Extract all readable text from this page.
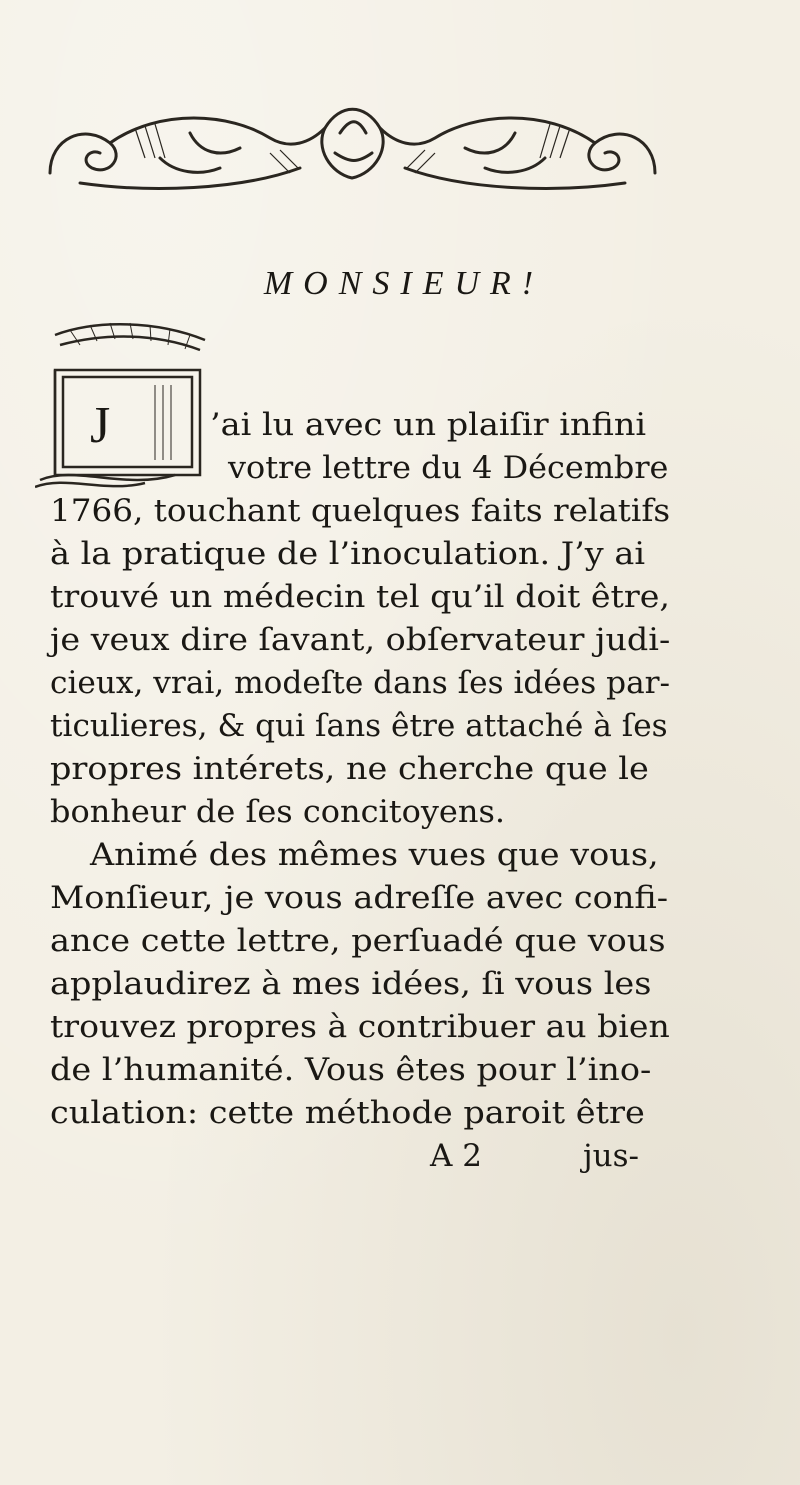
MONSIEUR!
J	’ai lu avec un plaiſir infini
votre lettre du 4 Décembre
1766, touchant quelques faits relatifs
à la pratique de l’inoculation. J’y ai
trouvé un médecin tel qu’il doit être,
je veux dire ſavant, obſervateur judi-
cieux, vrai, modeſte dans ſes idées par-
ticulieres, & qui ſans être attaché à ſes
propres intérets, ne cherche que le
bonheur de ſes concitoyens.
Animé des mêmes vues que vous,
Monſieur, je vous adreſſe avec confi-
ance cette lettre, perſuadé que vous
applaudirez à mes idées, ſi vous les
trouvez propres à contribuer au bien
de l’humanité. Vous êtes pour l’ino-
culation: cette méthode paroit être
A 2	jus-
